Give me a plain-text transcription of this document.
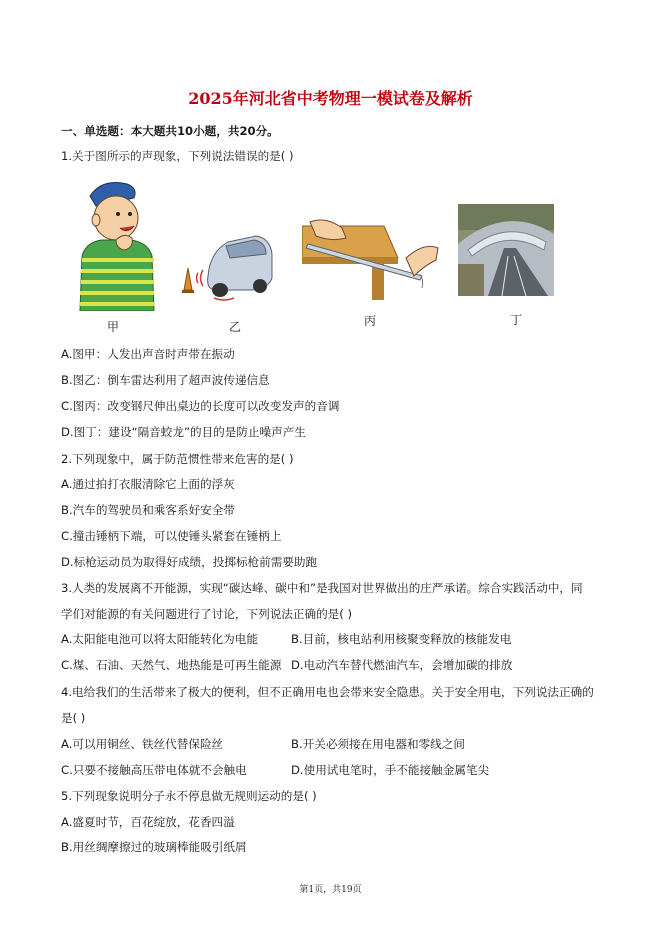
2025年河北省中考物理一模试卷及解析
一、单选题：本大题共10小题，共20分。
1.关于图所示的声现象，下列说法错误的是( )
甲	乙	丙	丁
A.图甲：人发出声音时声带在振动
B.图乙：倒车雷达利用了超声波传递信息
C.图丙：改变钢尺伸出桌边的长度可以改变发声的音调
D.图丁：建设“隔音蛟龙”的目的是防止噪声产生
2.下列现象中，属于防范惯性带来危害的是( )
A.通过拍打衣服清除它上面的浮灰
B.汽车的驾驶员和乘客系好安全带
C.撞击锤柄下端，可以使锤头紧套在锤柄上
D.标枪运动员为取得好成绩，投掷标枪前需要助跑
3.人类的发展离不开能源，实现“碳达峰、碳中和”是我国对世界做出的庄严承诺。综合实践活动中，同
学们对能源的有关问题进行了讨论，下列说法正确的是( )
A.太阳能电池可以将太阳能转化为电能	B.目前，核电站利用核聚变释放的核能发电
C.煤、石油、天然气、地热能是可再生能源 D.电动汽车替代燃油汽车，会增加碳的排放
4.电给我们的生活带来了极大的便利，但不正确用电也会带来安全隐患。关于安全用电，下列说法正确的
是( )
A.可以用铜丝、铁丝代替保险丝	B.开关必须接在用电器和零线之间
C.只要不接触高压带电体就不会触电	D.使用试电笔时，手不能接触金属笔尖
5.下列现象说明分子永不停息做无规则运动的是( )
A.盛夏时节，百花绽放，花香四溢
B.用丝绸摩擦过的玻璃棒能吸引纸屑
第1页，共19页
